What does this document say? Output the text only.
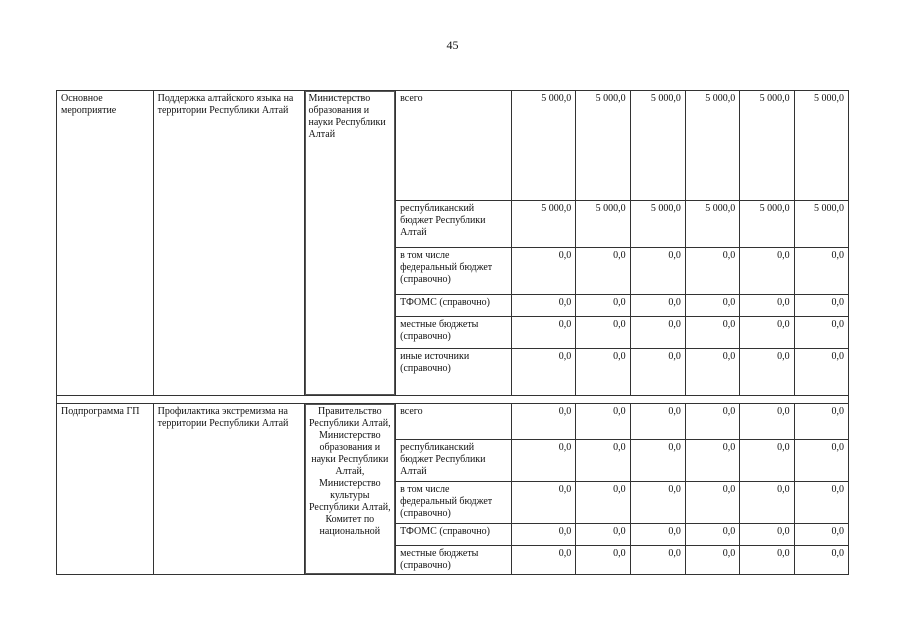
45
Основное мероприятие	Поддержка алтайского языка на территории Республики Алтай	Министерство образования и науки Республики Алтай	всего	5 000,0	5 000,0	5 000,0	5 000,0	5 000,0	5 000,0
			республиканский бюджет Республики Алтай	5 000,0	5 000,0	5 000,0	5 000,0	5 000,0	5 000,0
			в том числе федеральный бюджет (справочно)	0,0	0,0	0,0	0,0	0,0	0,0
			ТФОМС (справочно)	0,0	0,0	0,0	0,0	0,0	0,0
			местные бюджеты (справочно)	0,0	0,0	0,0	0,0	0,0	0,0
			иные источники (справочно)	0,0	0,0	0,0	0,0	0,0	0,0

Подпрограмма ГП	Профилактика экстремизма на территории Республики Алтай	Правительство Республики Алтай, Министерство образования и науки Республики Алтай, Министерство культуры Республики Алтай, Комитет по национальной	всего	0,0	0,0	0,0	0,0	0,0	0,0
			республиканский бюджет Республики Алтай	0,0	0,0	0,0	0,0	0,0	0,0
			в том числе федеральный бюджет (справочно)	0,0	0,0	0,0	0,0	0,0	0,0
			ТФОМС (справочно)	0,0	0,0	0,0	0,0	0,0	0,0
			местные бюджеты (справочно)	0,0	0,0	0,0	0,0	0,0	0,0
